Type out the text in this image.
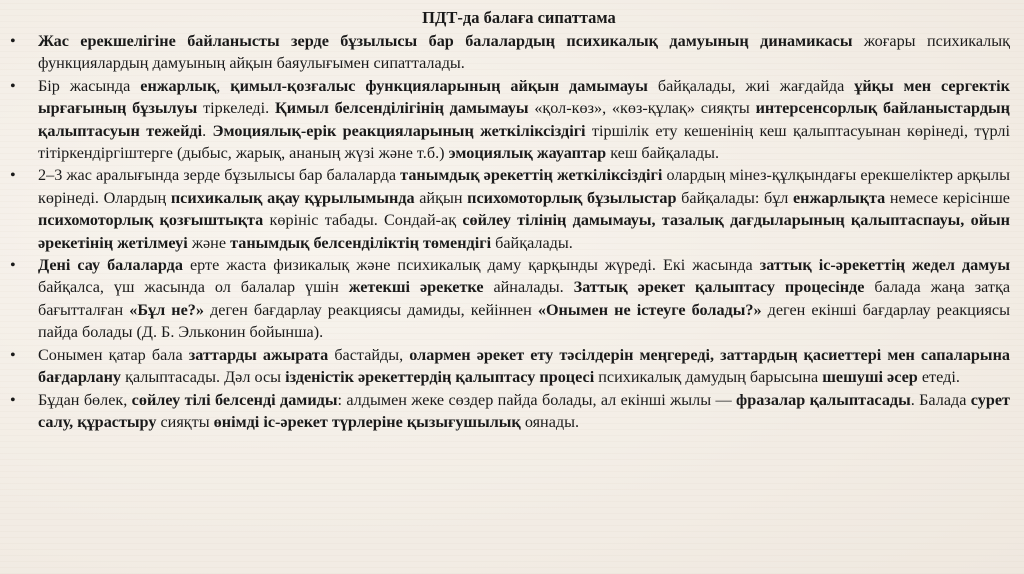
ПДТ-да балаға сипаттама
• Жас ерекшелігіне байланысты зерде бұзылысы бар балалардың психикалық дамуының динамикасы жоғары психикалық функциялардың дамуының айқын баяулығымен сипатталады.
• Бір жасында енжарлық, қимыл-қозғалыс функцияларының айқын дамымауы байқалады, жиі жағдайда ұйқы мен сергектік ырғағының бұзылуы тіркеледі. Қимыл белсенділігінің дамымауы «қол-көз», «көз-құлақ» сияқты интерсенсорлық байланыстардың қалыптасуын тежейді. Эмоциялық-ерік реакцияларының жеткіліксіздігі тіршілік ету кешенінің кеш қалыптасуынан көрінеді, түрлі тітіркендіргіштерге (дыбыс, жарық, ананың жүзі және т.б.) эмоциялық жауаптар кеш байқалады.
• 2–3 жас аралығында зерде бұзылысы бар балаларда танымдық әрекеттің жеткіліксіздігі олардың мінез-құлқындағы ерекшеліктер арқылы көрінеді. Олардың психикалық ақау құрылымында айқын психомоторлық бұзылыстар байқалады: бұл енжарлықта немесе керісінше психомоторлық қозғыштықта көрініс табады. Сондай-ақ сөйлеу тілінің дамымауы, тазалық дағдыларының қалыптаспауы, ойын әрекетінің жетілмеуі және танымдық белсенділіктің төмендігі байқалады.
• Дені сау балаларда ерте жаста физикалық және психикалық даму қарқынды жүреді. Екі жасында заттық іс-әрекеттің жедел дамуы байқалса, үш жасында ол балалар үшін жетекші әрекетке айналады. Заттық әрекет қалыптасу процесінде балада жаңа затқа бағытталған «Бұл не?» деген бағдарлау реакциясы дамиды, кейіннен «Онымен не істеуге болады?» деген екінші бағдарлау реакциясы пайда болады (Д. Б. Эльконин бойынша).
• Сонымен қатар бала заттарды ажырата бастайды, олармен әрекет ету тәсілдерін меңгереді, заттардың қасиеттері мен сапаларына бағдарлану қалыптасады. Дәл осы ізденістік әрекеттердің қалыптасу процесі психикалық дамудың барысына шешуші әсер етеді.
• Бұдан бөлек, сөйлеу тілі белсенді дамиды: алдымен жеке сөздер пайда болады, ал екінші жылы — фразалар қалыптасады. Балада сурет салу, құрастыру сияқты өнімді іс-әрекет түрлеріне қызығушылық оянады.
